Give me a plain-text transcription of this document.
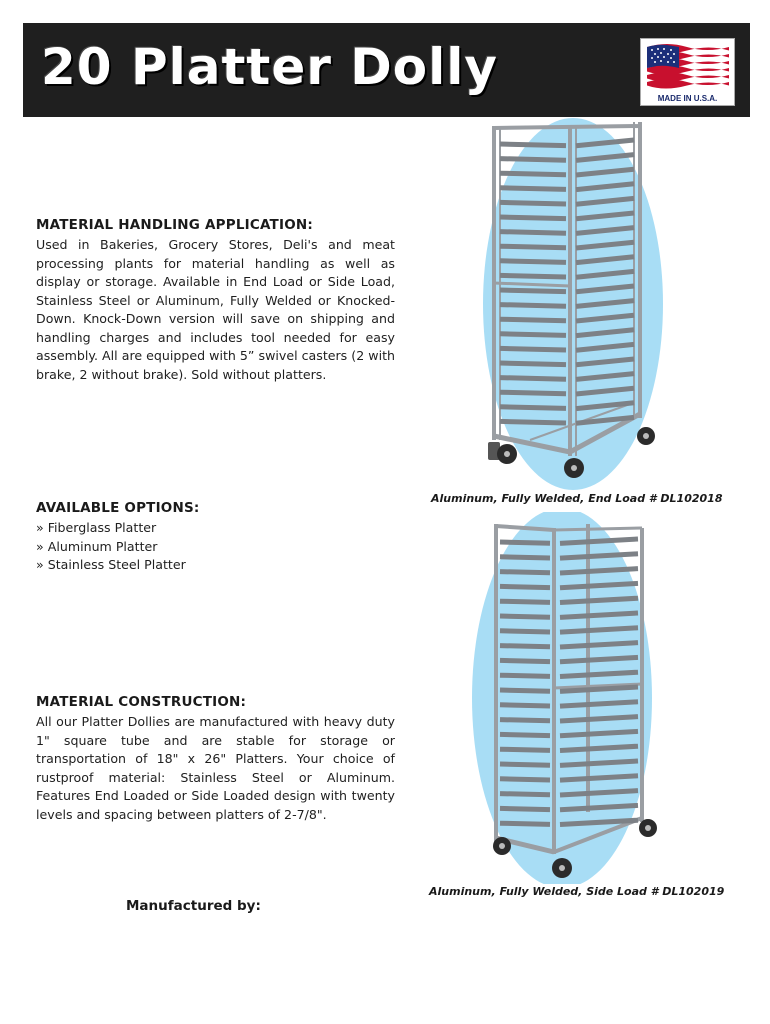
20 Platter Dolly
MADE IN U.S.A.
MATERIAL HANDLING APPLICATION:
Used in Bakeries, Grocery Stores, Deli's and meat processing plants for material handling as well as display or storage. Available in End Load or Side Load, Stainless Steel or Aluminum, Fully Welded or Knocked-Down. Knock-Down version will save on shipping and handling charges and includes tool needed for easy assembly. All are equipped with 5” swivel casters (2 with brake, 2 without brake). Sold without platters.
AVAILABLE OPTIONS:
» Fiberglass Platter
» Aluminum Platter
» Stainless Steel Platter
MATERIAL CONSTRUCTION:
All our Platter Dollies are manufactured with heavy duty 1" square tube and are stable for storage or transportation of 18" x 26" Platters. Your choice of rustproof material: Stainless Steel or Aluminum. Features End Loaded or Side Loaded design with twenty levels and spacing between platters of 2-7/8".
Manufactured by:
Aluminum, Fully Welded, End Load # DL102018
Aluminum, Fully Welded, Side Load # DL102019
